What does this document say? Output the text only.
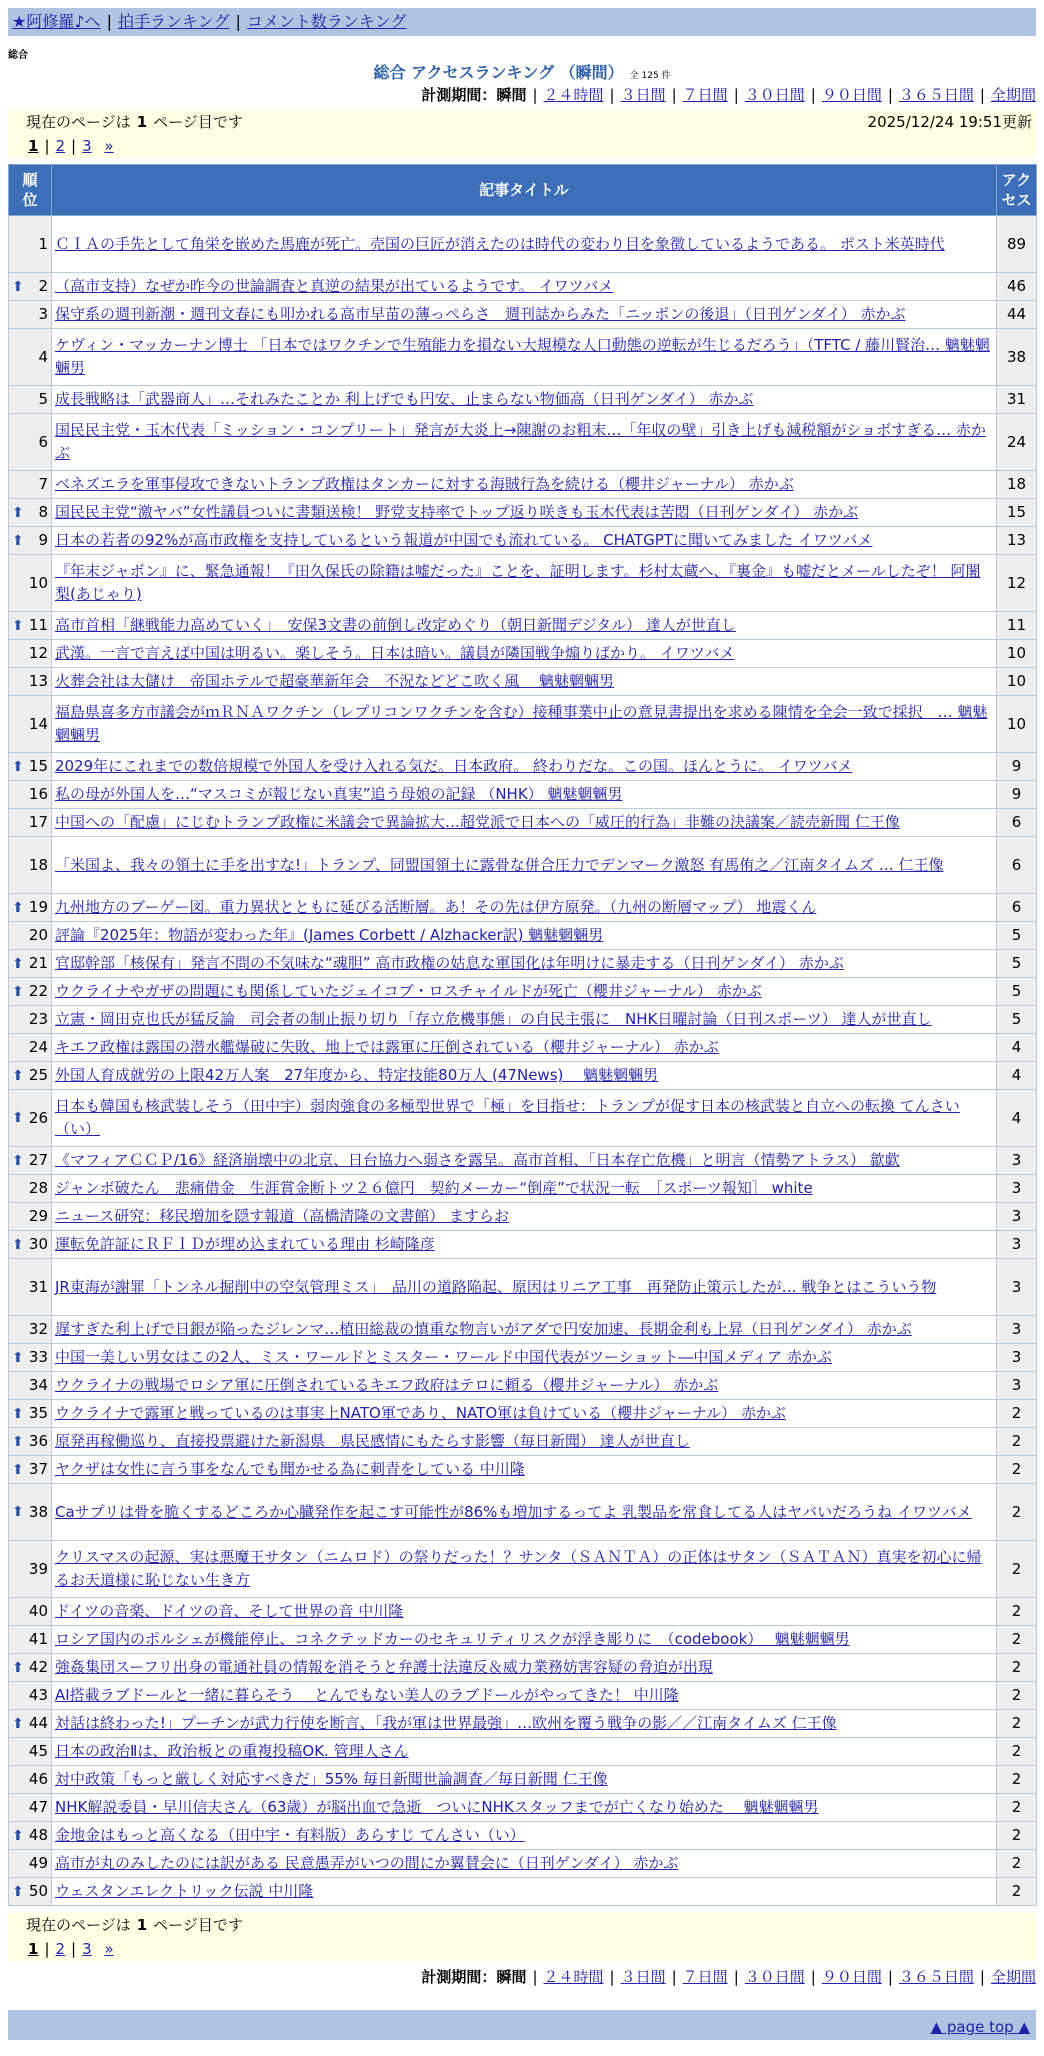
★阿修羅♪へ | 拍手ランキング | コメント数ランキング
総合
総合 アクセスランキング （瞬間） 全 125 件
計測期間：瞬間 | ２４時間 | ３日間 | ７日間 | ３０日間 | ９０日間 | ３６５日間 | 全期間
現在のページは 1 ページ目です	2025/12/24 19:51更新
1 | 2 | 3 »
順位	記事タイトル	アクセス
1	ＣＩＡの手先として角栄を嵌めた馬鹿が死亡。売国の巨匠が消えたのは時代の変わり目を象徴しているようである。 ポスト米英時代	89

⬆ 2	（高市支持）なぜか昨今の世論調査と真逆の結果が出ているようです。 イワツバメ	46
3	保守系の週刊新潮・週刊文春にも叩かれる高市早苗の薄っぺらさ　週刊誌からみた「ニッポンの後退」（日刊ゲンダイ） 赤かぶ	44
4	ケヴィン・マッカーナン博士 「日本ではワクチンで生殖能力を損ない大規模な人口動態の逆転が生じるだろう」（TFTC / 藤川賢治… 魑魅魍魎男	38
5	成長戦略は「武器商人」…それみたことか 利上げでも円安、止まらない物価高（日刊ゲンダイ） 赤かぶ	31
6	国民民主党・玉木代表「ミッション・コンプリート」発言が大炎上→陳謝のお粗末…「年収の壁」引き上げも減税額がショボすぎる… 赤かぶ	24
7	ベネズエラを軍事侵攻できないトランプ政権はタンカーに対する海賊行為を続ける（櫻井ジャーナル） 赤かぶ	18

⬆ 8	国民民主党“激ヤバ”女性議員ついに書類送検！ 野党支持率でトップ返り咲きも玉木代表は苦悶（日刊ゲンダイ） 赤かぶ	15

⬆ 9	日本の若者の92%が高市政権を支持しているという報道が中国でも流れている。 CHATGPTに聞いてみました イワツバメ	13
10	『年末ジャボン』に、緊急通報！『田久保氏の除籍は嘘だった』ことを、証明します。杉村太蔵へ、『裏金』も嘘だとメールしたぞ！ 阿闍梨(あじゃり)	12

⬆ 11	高市首相「継戦能力高めていく」　安保3文書の前倒し改定めぐり（朝日新聞デジタル） 達人が世直し	11
12	武漢。一言で言えば中国は明るい。楽しそう。日本は暗い。議員が隣国戦争煽りばかり。 イワツバメ	10
13	火葬会社は大儲け　帝国ホテルで超豪華新年会　不況などどこ吹く風　 魑魅魍魎男	10
14	福島県喜多方市議会がｍＲＮＡワクチン（レプリコンワクチンを含む）接種事業中止の意見書提出を求める陳情を全会一致で採択　… 魑魅魍魎男	10

⬆ 15	2029年にこれまでの数倍規模で外国人を受け入れる気だ。日本政府。 終わりだな。この国。ほんとうに。 イワツバメ	9
16	私の母が外国人を…“マスコミが報じない真実”追う母娘の記録 （NHK） 魑魅魍魎男	9
17	中国への「配慮」にじむトランプ政権に米議会で異論拡大…超党派で日本への「威圧的行為」非難の決議案／読売新聞 仁王像	6
18	「米国よ、我々の領土に手を出すな!」トランプ、同盟国領土に露骨な併合圧力でデンマーク激怒 有馬侑之／江南タイムズ … 仁王像	6

⬆ 19	九州地方のブーゲー図。重力異状とともに延びる活断層。あ！その先は伊方原発。（九州の断層マップ） 地震くん	6
20	評論『2025年：物語が変わった年』(James Corbett / Alzhacker訳) 魑魅魍魎男	5

⬆ 21	官邸幹部「核保有」発言不問の不気味な“魂胆” 高市政権の姑息な軍国化は年明けに暴走する（日刊ゲンダイ） 赤かぶ	5

⬆ 22	ウクライナやガザの問題にも関係していたジェイコブ・ロスチャイルドが死亡（櫻井ジャーナル） 赤かぶ	5
23	立憲・岡田克也氏が猛反論　司会者の制止振り切り「存立危機事態」の自民主張に　NHK日曜討論（日刊スポーツ） 達人が世直し	5
24	キエフ政権は露国の潜水艦爆破に失敗、地上では露軍に圧倒されている（櫻井ジャーナル） 赤かぶ	4

⬆ 25	外国人育成就労の上限42万人案　27年度から、特定技能80万人 (47News)　 魑魅魍魎男	4

⬆ 26	日本も韓国も核武装しそう（田中宇）弱肉強食の多極型世界で「極」を目指せ：トランプが促す日本の核武装と自立への転換 てんさい（い）	4

⬆ 27	《マフィアＣＣＰ/16》経済崩壊中の北京、日台協力へ弱さを露呈。高市首相、「日本存亡危機」と明言（情勢アトラス） 歙歔	3
28	ジャンボ破たん　悲痛借金　生涯賞金断トツ２６億円　契約メーカー“倒産”で状況一転　［スポーツ報知］ white	3
29	ニュース研究：移民増加を隠す報道（高橋清隆の文書館） ますらお	3

⬆ 30	運転免許証にＲＦＩＤが埋め込まれている理由 杉崎隆彦	3
31	JR東海が謝罪「トンネル掘削中の空気管理ミス」　品川の道路陥起、原因はリニア工事　再発防止策示したが… 戦争とはこういう物	3
32	遅すぎた利上げで日銀が陥ったジレンマ…植田総裁の慎重な物言いがアダで円安加速、長期金利も上昇（日刊ゲンダイ） 赤かぶ	3

⬆ 33	中国一美しい男女はこの2人、ミス・ワールドとミスター・ワールド中国代表がツーショット―中国メディア 赤かぶ	3
34	ウクライナの戦場でロシア軍に圧倒されているキエフ政府はテロに頼る（櫻井ジャーナル） 赤かぶ	3

⬆ 35	ウクライナで露軍と戦っているのは事実上NATO軍であり、NATO軍は負けている（櫻井ジャーナル） 赤かぶ	2

⬆ 36	原発再稼働巡り、直接投票避けた新潟県　県民感情にもたらす影響（毎日新聞） 達人が世直し	2

⬆ 37	ヤクザは女性に言う事をなんでも聞かせる為に刺青をしている 中川隆	2

⬆ 38	Caサプリは骨を脆くするどころか心臓発作を起こす可能性が86%も増加するってよ 乳製品を常食してる人はヤバいだろうね イワツバメ	2
39	クリスマスの起源、実は悪魔王サタン（ニムロド）の祭りだった！？サンタ（ＳＡＮＴＡ）の正体はサタン（ＳＡＴＡＮ）真実を初心に帰るお天道様に恥じない生き方	2
40	ドイツの音楽、ドイツの音、そして世界の音 中川隆	2
41	ロシア国内のポルシェが機能停止、コネクテッドカーのセキュリティリスクが浮き彫りに　（codebook）　 魑魅魍魎男	2

⬆ 42	強姦集団スーフリ出身の電通社員の情報を消そうと弁護士法違反＆威力業務妨害容疑の脅迫が出現	2
43	AI搭載ラブドールと一緒に暮らそう ＿とんでもない美人のラブドールがやってきた！ 中川隆	2

⬆ 44	対話は終わった!」プーチンが武力行使を断言、「我が軍は世界最強」…欧州を覆う戦争の影／／江南タイムズ 仁王像	2
45	日本の政治Ⅱは、政治板との重複投稿OK. 管理人さん	2
46	対中政策「もっと厳しく対応すべきだ」55% 毎日新聞世論調査／毎日新聞 仁王像	2
47	NHK解説委員・早川信夫さん（63歳）が脳出血で急逝　ついにNHKスタッフまでが亡くなり始めた　 魑魅魍魎男	2

⬆ 48	金地金はもっと高くなる（田中宇・有料版）あらすじ てんさい（い）	2
49	高市が丸のみしたのには訳がある 民意愚弄がいつの間にか翼賛会に（日刊ゲンダイ） 赤かぶ	2

⬆ 50	ウェスタンエレクトリック伝説 中川隆	2
現在のページは 1 ページ目です
1 | 2 | 3 »
計測期間：瞬間 | ２４時間 | ３日間 | ７日間 | ３０日間 | ９０日間 | ３６５日間 | 全期間
▲ page top ▲
